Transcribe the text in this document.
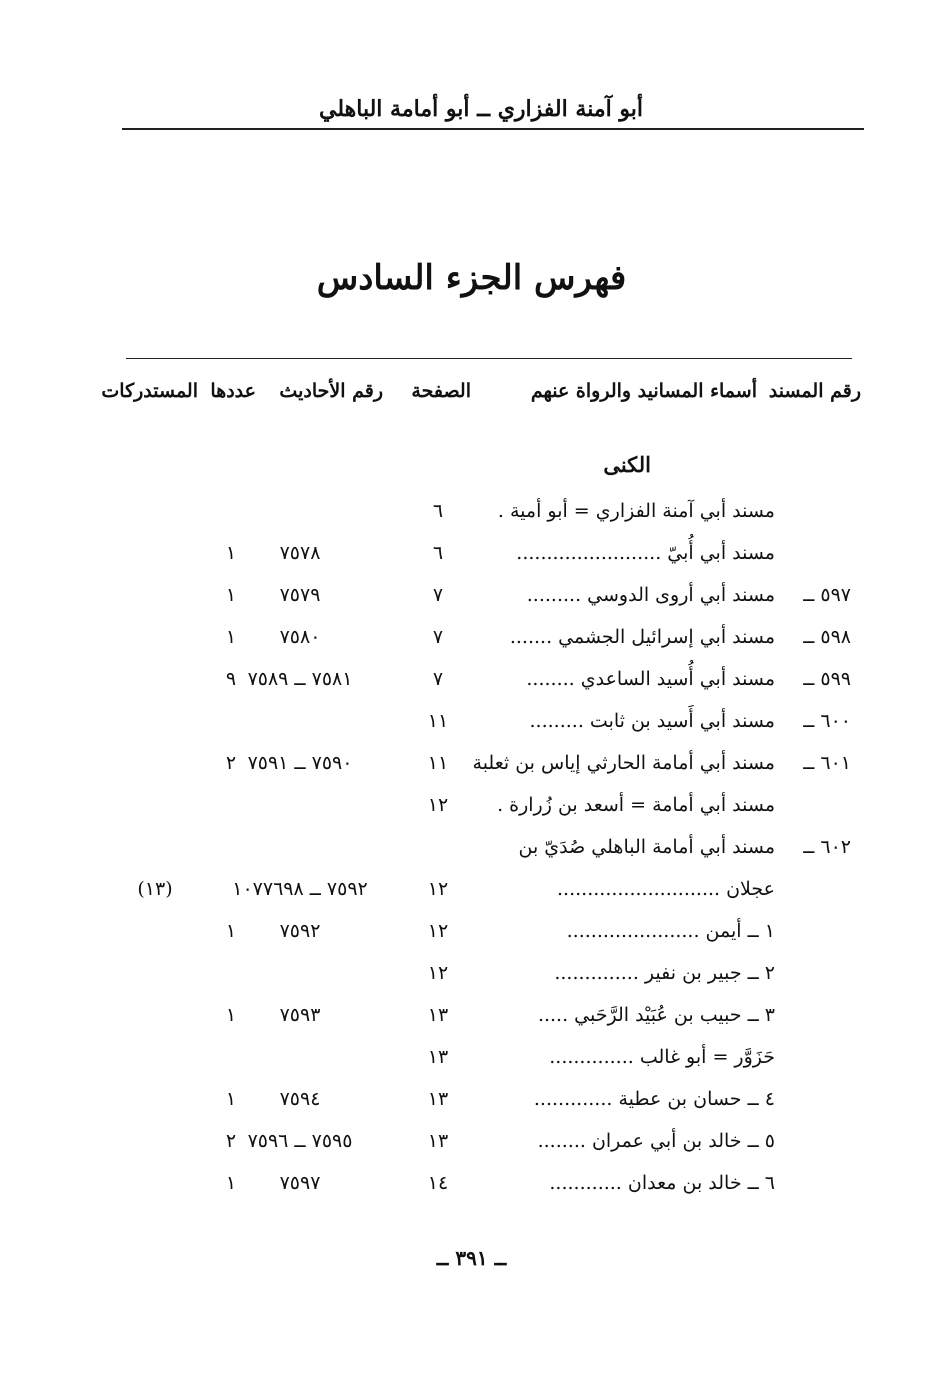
أبو آمنة الفزاري ــ أبو أمامة الباهلي
فهرس الجزء السادس
رقم المسند
أسماء المسانيد والرواة عنهم
الصفحة
رقم الأحاديث
عددها
المستدركات
الكنى
مسند أبي آمنة الفزاري = أبو أمية .
٦
مسند أبي أُبيّ ........................
٦
٧٥٧٨
١
٥٩٧ ــ
مسند أبي أروى الدوسي .........
٧
٧٥٧٩
١
٥٩٨ ــ
مسند أبي إسرائيل الجشمي .......
٧
٧٥٨٠
١
٥٩٩ ــ
مسند أبي أُسيد الساعدي ........
٧
٧٥٨١ ــ ٧٥٨٩
٩
٦٠٠ ــ
مسند أبي أَسيد بن ثابت .........
١١
٦٠١ ــ
مسند أبي أمامة الحارثي إياس بن ثعلبة
١١
٧٥٩٠ ــ ٧٥٩١
٢
مسند أبي أمامة = أسعد بن زُرارة .
١٢
٦٠٢ ــ
مسند أبي أمامة الباهلي صُدَيّ بن
عجلان ...........................
١٢
٧٥٩٢ ــ ١٠٧٧٦٩٨
(١٣)
١ ــ أيمن ......................
١٢
٧٥٩٢
١
٢ ــ جبير بن نفير ..............
١٢
٣ ــ حبيب بن عُبَيْد الرَّحَبي .....
١٣
٧٥٩٣
١
حَزَوَّر = أبو غالب ..............
١٣
٤ ــ حسان بن عطية .............
١٣
٧٥٩٤
١
٥ ــ خالد بن أبي عمران ........
١٣
٧٥٩٥ ــ ٧٥٩٦
٢
٦ ــ خالد بن معدان ............
١٤
٧٥٩٧
١
ــ ٣٩١ ــ
